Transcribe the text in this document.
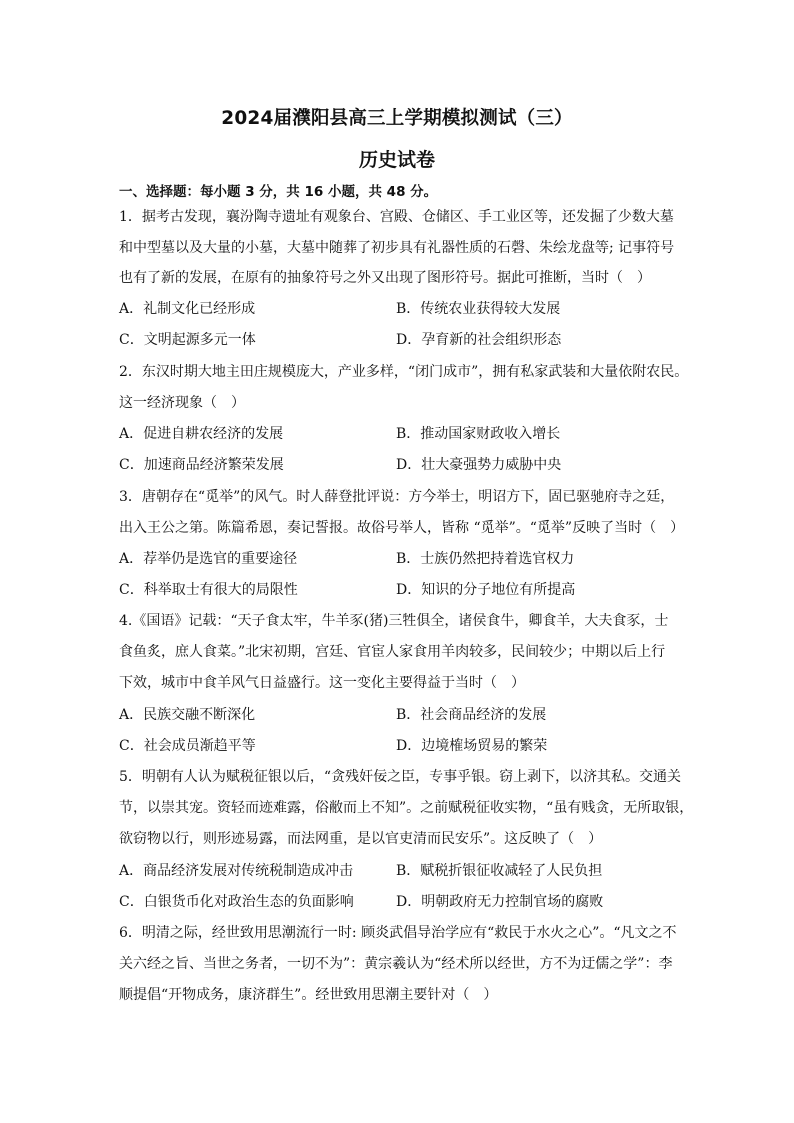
2024届濮阳县高三上学期模拟测试（三）
历史试卷
一、选择题：每小题 3 分，共 16 小题，共 48 分。
1．据考古发现，襄汾陶寺遗址有观象台、宫殿、仓储区、手工业区等，还发掘了少数大墓
和中型墓以及大量的小墓，大墓中随葬了初步具有礼器性质的石磬、朱绘龙盘等; 记事符号
也有了新的发展，在原有的抽象符号之外又出现了图形符号。据此可推断，当时（　）
A．礼制文化已经形成	B．传统农业获得较大发展
C．文明起源多元一体	D．孕育新的社会组织形态
2．东汉时期大地主田庄规模庞大，产业多样，“闭门成市”，拥有私家武装和大量依附农民。
这一经济现象（　）
A．促进自耕农经济的发展	B．推动国家财政收入增长
C．加速商品经济繁荣发展	D．壮大豪强势力威胁中央
3．唐朝存在“觅举”的风气。时人薛登批评说：方今举士，明诏方下，固已驱驰府寺之廷，
出入王公之第。陈篇希恩，奏记誓报。故俗号举人，皆称 “觅举”。“觅举”反映了当时（　）
A．荐举仍是选官的重要途径	B．士族仍然把持着选官权力
C．科举取士有很大的局限性	D．知识的分子地位有所提高
4.《国语》记载：“天子食太牢，牛羊豕(猪)三牲俱全，诸侯食牛，卿食羊，大夫食豕，士
食鱼炙，庶人食菜。”北宋初期，宫廷、官宦人家食用羊肉较多，民间较少；中期以后上行
下效，城市中食羊风气日益盛行。这一变化主要得益于当时（　）
A．民族交融不断深化	B．社会商品经济的发展
C．社会成员渐趋平等	D．边境榷场贸易的繁荣
5．明朝有人认为赋税征银以后，“贪残奸佞之臣，专事乎银。窃上剥下，以济其私。交通关
节，以崇其宠。资轻而迹难露，俗敝而上不知”。之前赋税征收实物，“虽有贱贪，无所取银，
欲窃物以行，则形迹易露，而法网重，是以官吏清而民安乐”。这反映了（　）
A．商品经济发展对传统税制造成冲击	B．赋税折银征收减轻了人民负担
C．白银货币化对政治生态的负面影响	D．明朝政府无力控制官场的腐败
6．明清之际，经世致用思潮流行一时: 顾炎武倡导治学应有“救民于水火之心”。“凡文之不
关六经之旨、当世之务者，一切不为”：黄宗羲认为“经术所以经世，方不为迂儒之学”：李
顺提倡“开物成务，康济群生”。经世致用思潮主要针对（　）
